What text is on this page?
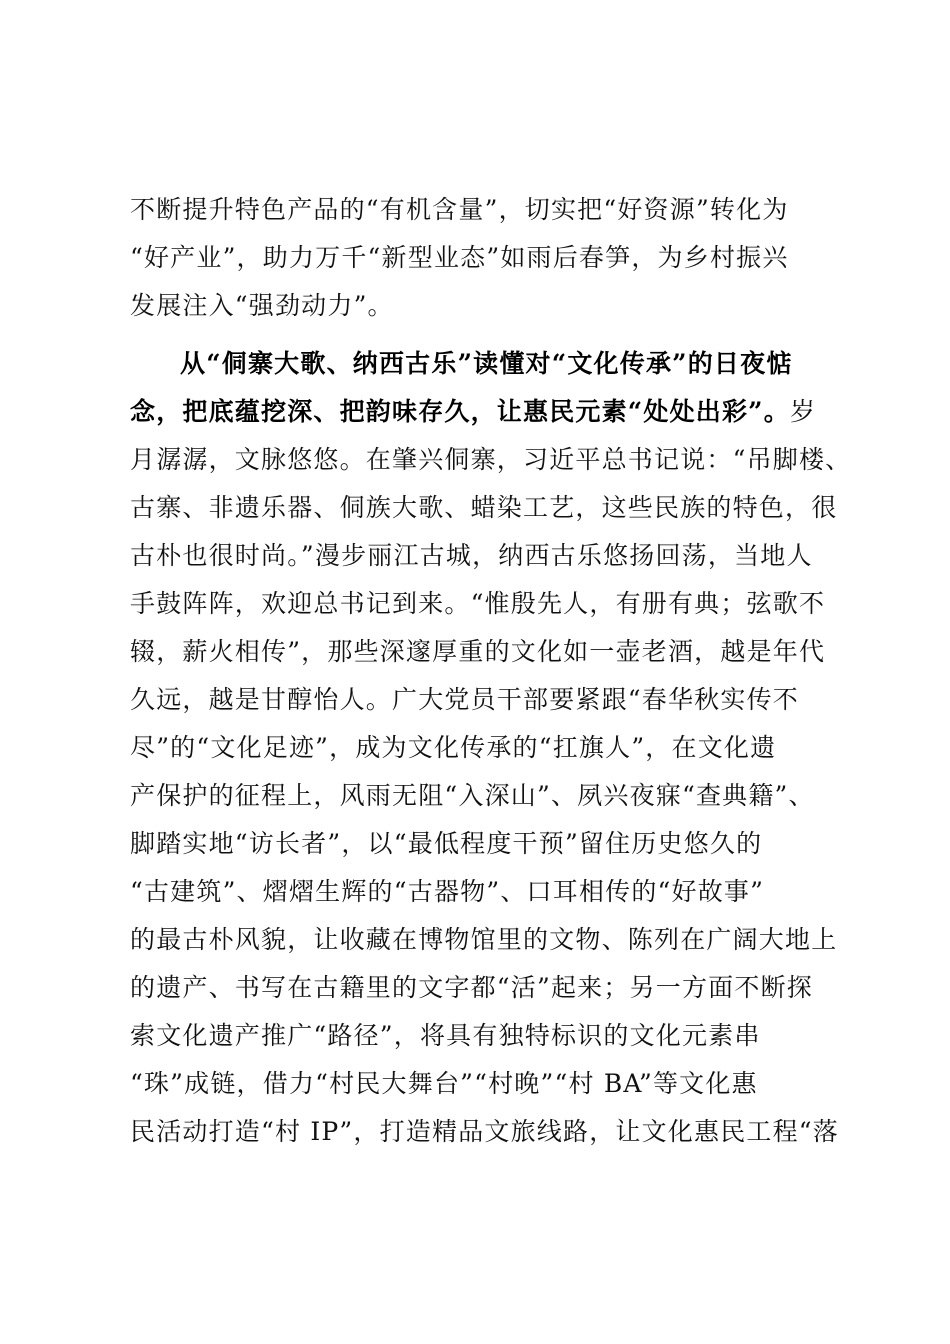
不断提升特色产品的“有机含量”，切实把“好资源”转化为
“好产业”，助力万千“新型业态”如雨后春笋，为乡村振兴
发展注入“强劲动力”。
从“侗寨大歌、纳西古乐”读懂对“文化传承”的日夜惦
念，把底蕴挖深、把韵味存久，让惠民元素“处处出彩”。岁
月潺潺，文脉悠悠。在肇兴侗寨，习近平总书记说：“吊脚楼、
古寨、非遗乐器、侗族大歌、蜡染工艺，这些民族的特色，很
古朴也很时尚。”漫步丽江古城，纳西古乐悠扬回荡，当地人
手鼓阵阵，欢迎总书记到来。“惟殷先人，有册有典；弦歌不
辍，薪火相传”，那些深邃厚重的文化如一壶老酒，越是年代
久远，越是甘醇怡人。广大党员干部要紧跟“春华秋实传不
尽”的“文化足迹”，成为文化传承的“扛旗人”，在文化遗
产保护的征程上，风雨无阻“入深山”、夙兴夜寐“查典籍”、
脚踏实地“访长者”，以“最低程度干预”留住历史悠久的
“古建筑”、熠熠生辉的“古器物”、口耳相传的“好故事”
的最古朴风貌，让收藏在博物馆里的文物、陈列在广阔大地上
的遗产、书写在古籍里的文字都“活”起来；另一方面不断探
索文化遗产推广“路径”，将具有独特标识的文化元素串
“珠”成链，借力“村民大舞台”“村晚”“村 BA”等文化惠
民活动打造“村 IP”，打造精品文旅线路，让文化惠民工程“落
